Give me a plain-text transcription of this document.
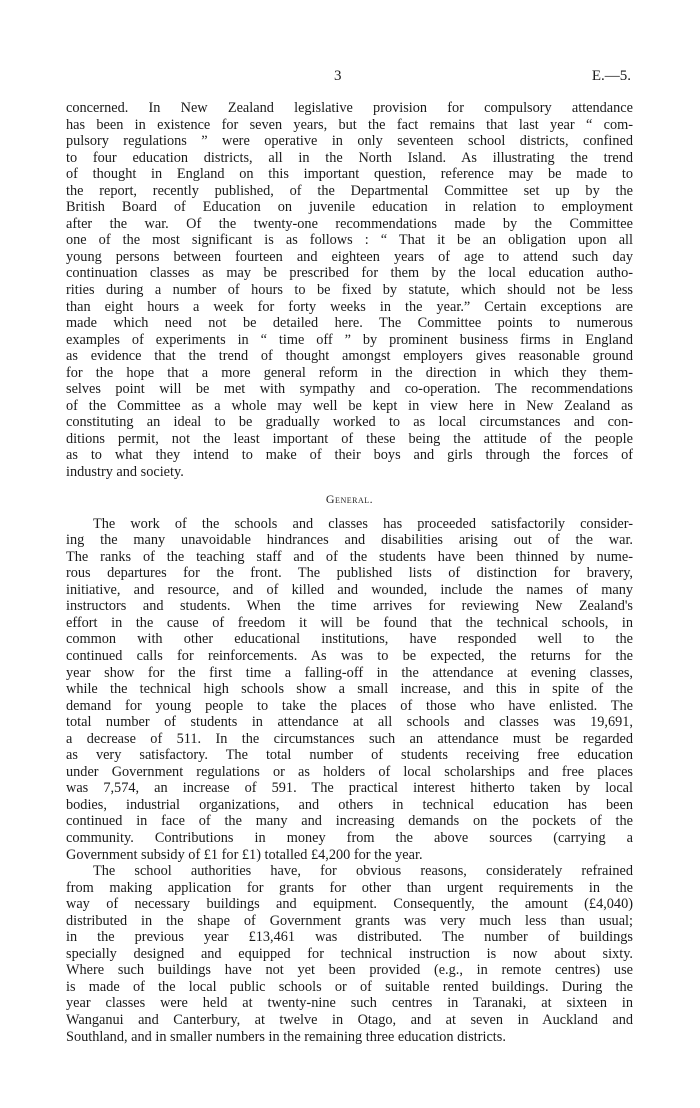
3	E.—5.
concerned. In New Zealand legislative provision for compulsory attendance
has been in existence for seven years, but the fact remains that last year “ com-
pulsory regulations ” were operative in only seventeen school districts, confined
to four education districts, all in the North Island. As illustrating the trend
of thought in England on this important question, reference may be made to
the report, recently published, of the Departmental Committee set up by the
British Board of Education on juvenile education in relation to employment
after the war. Of the twenty-one recommendations made by the Committee
one of the most significant is as follows : “ That it be an obligation upon all
young persons between fourteen and eighteen years of age to attend such day
continuation classes as may be prescribed for them by the local education autho-
rities during a number of hours to be fixed by statute, which should not be less
than eight hours a week for forty weeks in the year.” Certain exceptions are
made which need not be detailed here. The Committee points to numerous
examples of experiments in “ time off ” by prominent business firms in England
as evidence that the trend of thought amongst employers gives reasonable ground
for the hope that a more general reform in the direction in which they them-
selves point will be met with sympathy and co-operation. The recommendations
of the Committee as a whole may well be kept in view here in New Zealand as
constituting an ideal to be gradually worked to as local circumstances and con-
ditions permit, not the least important of these being the attitude of the people
as to what they intend to make of their boys and girls through the forces of
industry and society.
General.
The work of the schools and classes has proceeded satisfactorily consider-
ing the many unavoidable hindrances and disabilities arising out of the war.
The ranks of the teaching staff and of the students have been thinned by nume-
rous departures for the front. The published lists of distinction for bravery,
initiative, and resource, and of killed and wounded, include the names of many
instructors and students. When the time arrives for reviewing New Zealand's
effort in the cause of freedom it will be found that the technical schools, in
common with other educational institutions, have responded well to the
continued calls for reinforcements. As was to be expected, the returns for the
year show for the first time a falling-off in the attendance at evening classes,
while the technical high schools show a small increase, and this in spite of the
demand for young people to take the places of those who have enlisted. The
total number of students in attendance at all schools and classes was 19,691,
a decrease of 511. In the circumstances such an attendance must be regarded
as very satisfactory. The total number of students receiving free education
under Government regulations or as holders of local scholarships and free places
was 7,574, an increase of 591. The practical interest hitherto taken by local
bodies, industrial organizations, and others in technical education has been
continued in face of the many and increasing demands on the pockets of the
community. Contributions in money from the above sources (carrying a
Government subsidy of £1 for £1) totalled £4,200 for the year.
The school authorities have, for obvious reasons, considerately refrained
from making application for grants for other than urgent requirements in the
way of necessary buildings and equipment. Consequently, the amount (£4,040)
distributed in the shape of Government grants was very much less than usual;
in the previous year £13,461 was distributed. The number of buildings
specially designed and equipped for technical instruction is now about sixty.
Where such buildings have not yet been provided (e.g., in remote centres) use
is made of the local public schools or of suitable rented buildings. During the
year classes were held at twenty-nine such centres in Taranaki, at sixteen in
Wanganui and Canterbury, at twelve in Otago, and at seven in Auckland and
Southland, and in smaller numbers in the remaining three education districts.
